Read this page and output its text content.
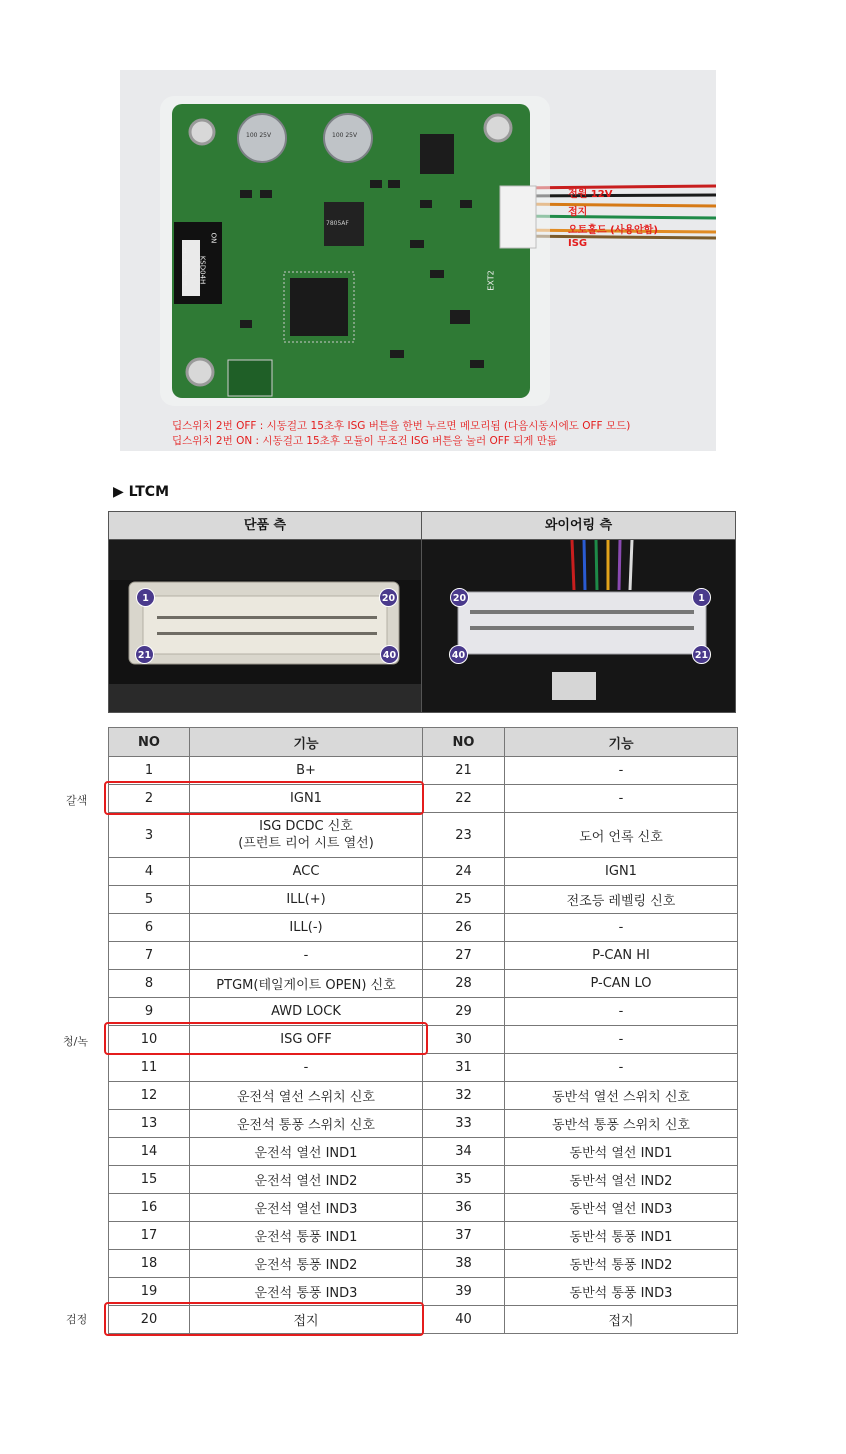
전원 12V
접지
오토홀드 (사용안함)
ISG
딥스위치 2번 OFF : 시동걸고 15초후 ISG 버튼을 한번 누르면 메모리됨 (다음시동시에도 OFF 모드)
딥스위치 2번 ON : 시동걸고 15초후 모듈이 무조건 ISG 버튼을 눌러 OFF 되게 만듦
ON
KSD04H
1
2
3
4	EXT2
100 25V	100 25V
7805AF
▶ LTCM
단품 측	와이어링 측
1	20
21	40
20	1
40	21
NO	기능	NO	기능
1	B+	21	-
2	IGN1	22	-
3	ISG DCDC 신호
(프런트 리어 시트 열선)	23	도어 언록 신호
4	ACC	24	IGN1
5	ILL(+)	25	전조등 레벨링 신호
6	ILL(-)	26	-
7	-	27	P-CAN HI
8	PTGM(테일게이트 OPEN) 신호	28	P-CAN LO
9	AWD LOCK	29	-
10	ISG OFF	30	-
11	-	31	-
12	운전석 열선 스위치 신호	32	동반석 열선 스위치 신호
13	운전석 통풍 스위치 신호	33	동반석 통풍 스위치 신호
14	운전석 열선 IND1	34	동반석 열선 IND1
15	운전석 열선 IND2	35	동반석 열선 IND2
16	운전석 열선 IND3	36	동반석 열선 IND3
17	운전석 통풍 IND1	37	동반석 통풍 IND1
18	운전석 통풍 IND2	38	동반석 통풍 IND2
19	운전석 통풍 IND3	39	동반석 통풍 IND3
20	접지	40	접지
갈색
청/녹
검정
